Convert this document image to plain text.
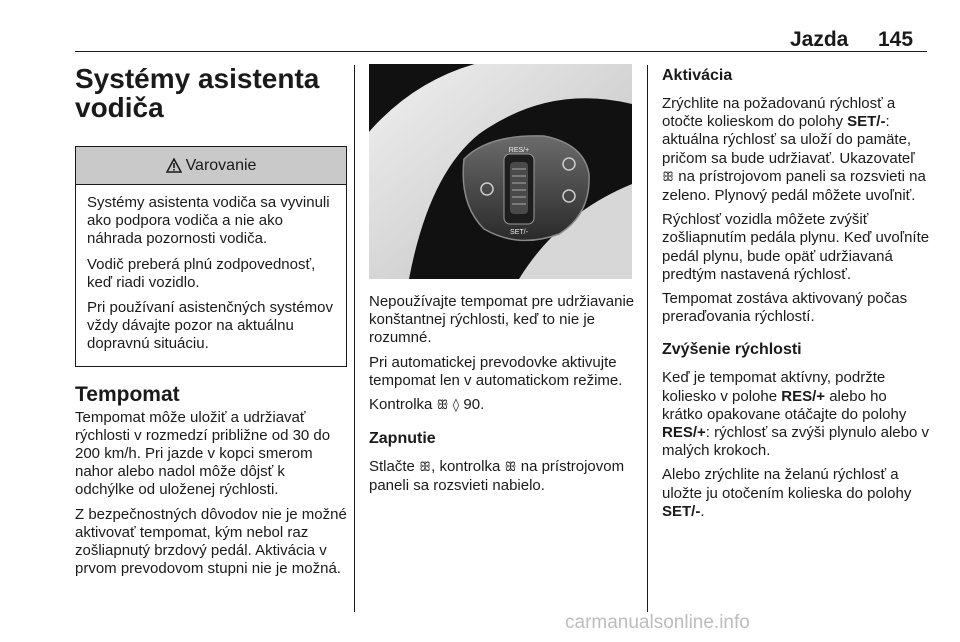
Jazda 145
Systémy asistenta
vodiča
Varovanie

Systémy asistenta vodiča sa vyvinuli ako podpora vodiča a nie ako náhrada pozornosti vodiča.

Vodič preberá plnú zodpovednosť, keď riadi vozidlo.

Pri používaní asistenčných systémov vždy dávajte pozor na aktuálnu dopravnú situáciu.

Tempomat

Tempomat môže uložiť a udržiavať rýchlosti v rozmedzí približne od 30 do 200 km/h. Pri jazde v kopci smerom nahor alebo nadol môže dôjsť k odchýlke od uloženej rýchlosti.

Z bezpečnostných dôvodov nie je možné aktivovať tempomat, kým nebol raz zošliapnutý brzdový pedál. Aktivácia v prvom prevodovom stupni nie je možná.

RES/+
SET/-

Nepoužívajte tempomat pre udržiavanie konštantnej rýchlosti, keď to nie je rozumné.

Pri automatickej prevodovke aktivujte tempomat len v automatickom režime.

Kontrolka ꕥ ◊ 90.

Zapnutie

Stlačte ꕥ, kontrolka ꕥ na prístrojovom paneli sa rozsvieti nabielo.

Aktivácia

Zrýchlite na požadovanú rýchlosť a otočte kolieskom do polohy SET/-: aktuálna rýchlosť sa uloží do pamäte, pričom sa bude udržiavať. Ukazovateľ ꕥ na prístrojovom paneli sa rozsvieti na zeleno. Plynový pedál môžete uvoľniť.

Rýchlosť vozidla môžete zvýšiť zošliapnutím pedála plynu. Keď uvoľníte pedál plynu, bude opäť udržiavaná predtým nastavená rýchlosť.

Tempomat zostáva aktivovaný počas preraďovania rýchlostí.

Zvýšenie rýchlosti

Keď je tempomat aktívny, podržte koliesko v polohe RES/+ alebo ho krátko opakovane otáčajte do polohy RES/+: rýchlosť sa zvýši plynulo alebo v malých krokoch.

Alebo zrýchlite na želanú rýchlosť a uložte ju otočením kolieska do polohy SET/-.

carmanualsonline.info
